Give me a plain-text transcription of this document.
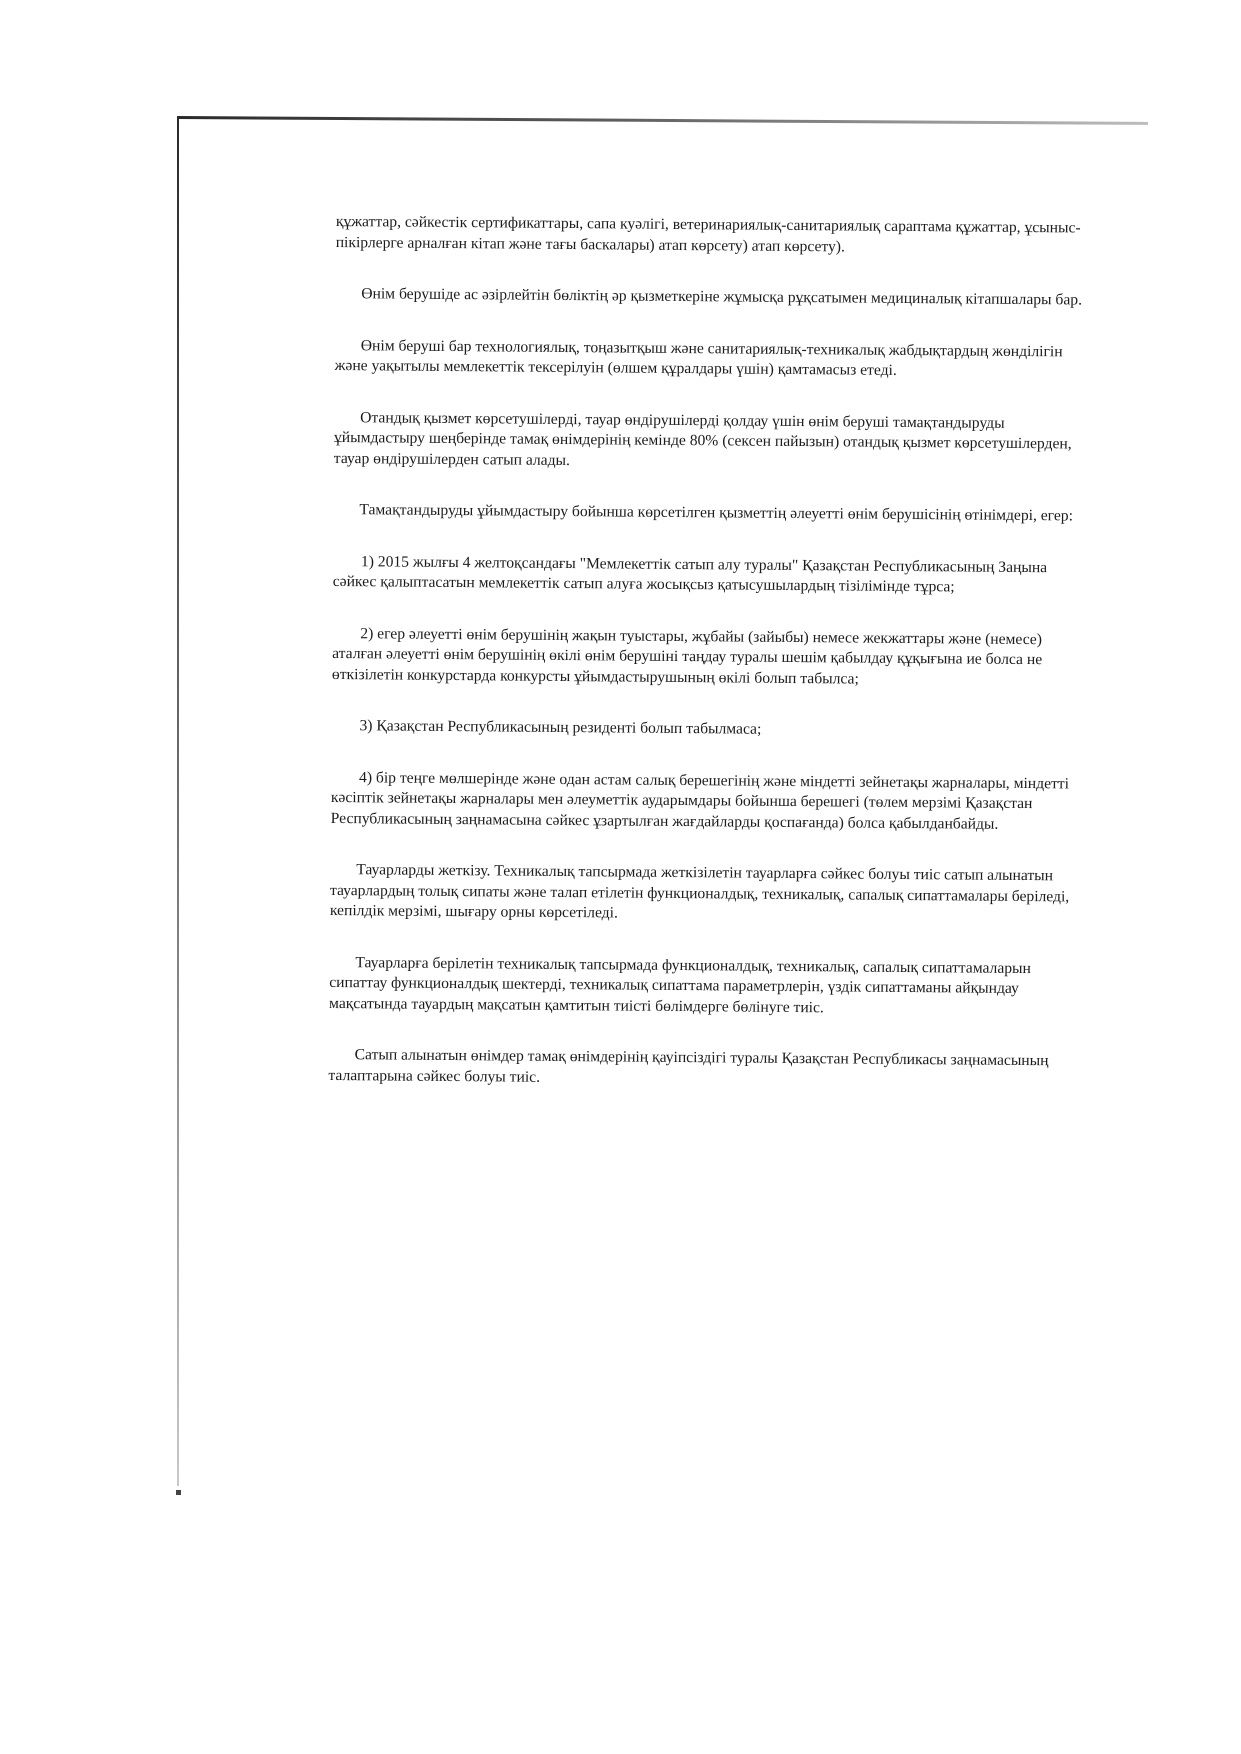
құжаттар, сәйкестік сертификаттары, сапа куәлігі, ветеринариялық-санитариялық сараптама құжаттар, ұсыныс-пікірлерге арналған кітап және тағы баскалары) атап көрсету) атап көрсету).

Өнім берушіде ас әзірлейтін бөліктің әр қызметкеріне жұмысқа рұқсатымен медициналық кітапшалары бар.

Өнім беруші бар технологиялық, тоңазытқыш және санитариялық-техникалық жабдықтардың жөнділігін және уақытылы мемлекеттік тексерілуін (өлшем құралдары үшін) қамтамасыз етеді.

Отандық қызмет көрсетушілерді, тауар өндірушілерді қолдау үшін өнім беруші тамақтандыруды ұйымдастыру шеңберінде тамақ өнімдерінің кемінде 80% (сексен пайызын) отандық қызмет көрсетушілерден, тауар өндірушілерден сатып алады.

Тамақтандыруды ұйымдастыру бойынша көрсетілген қызметтің әлеуетті өнім берушісінің өтінімдері, егер:

1) 2015 жылғы 4 желтоқсандағы "Мемлекеттік сатып алу туралы" Қазақстан Республикасының Заңына сәйкес қалыптасатын мемлекеттік сатып алуға жосықсыз қатысушылардың тізілімінде тұрса;

2) егер әлеуетті өнім берушінің жақын туыстары, жұбайы (зайыбы) немесе жекжаттары және (немесе) аталған әлеуетті өнім берушінің өкілі өнім берушіні таңдау туралы шешім қабылдау құқығына ие болса не өткізілетін конкурстарда конкурсты ұйымдастырушының өкілі болып табылса;

3) Қазақстан Республикасының резиденті болып табылмаса;

4) бір теңге мөлшерінде және одан астам салық берешегінің және міндетті зейнетақы жарналары, міндетті кәсіптік зейнетақы жарналары мен әлеуметтік аударымдары бойынша берешегі (төлем мерзімі Қазақстан Республикасының заңнамасына сәйкес ұзартылған жағдайларды қоспағанда) болса қабылданбайды.

Тауарларды жеткізу. Техникалық тапсырмада жеткізілетін тауарларға сәйкес болуы тиіс сатып алынатын тауарлардың толық сипаты және талап етілетін функционалдық, техникалық, сапалық сипаттамалары беріледі, кепілдік мерзімі, шығару орны көрсетіледі.

Тауарларға берілетін техникалық тапсырмада функционалдық, техникалық, сапалық сипаттамаларын сипаттау функционалдық шектерді, техникалық сипаттама параметрлерін, үздік сипаттаманы айқындау мақсатында тауардың мақсатын қамтитын тиісті бөлімдерге бөлінуге тиіс.

Сатып алынатын өнімдер тамақ өнімдерінің қауіпсіздігі туралы Қазақстан Республикасы заңнамасының талаптарына сәйкес болуы тиіс.
